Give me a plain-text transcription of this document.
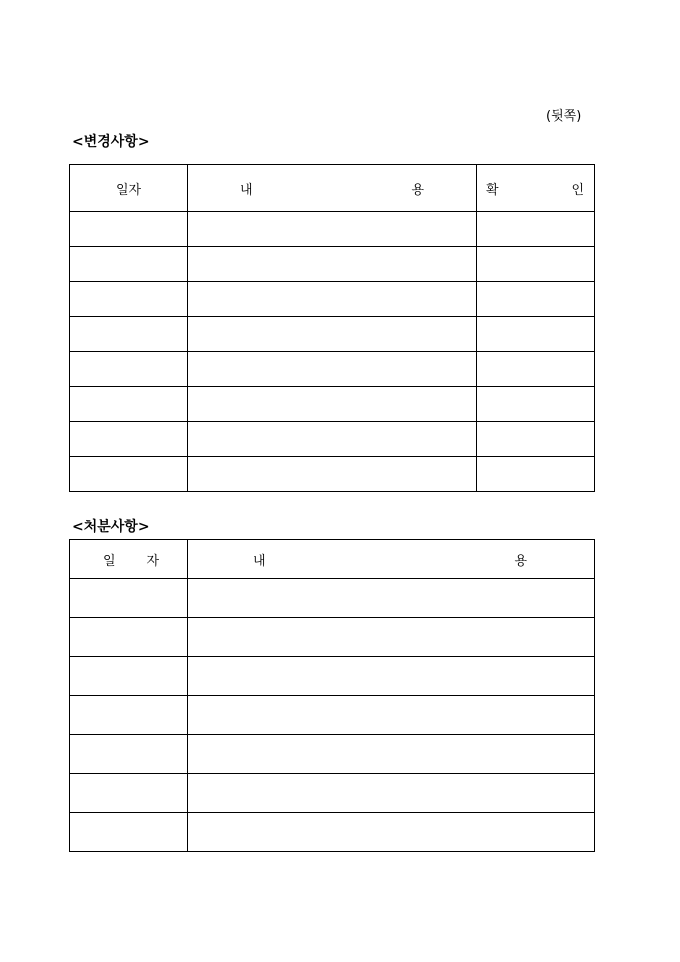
(뒷쪽)
<변경사항>
일자	내 용	확 인

<처분사항>
일 자	내 용
